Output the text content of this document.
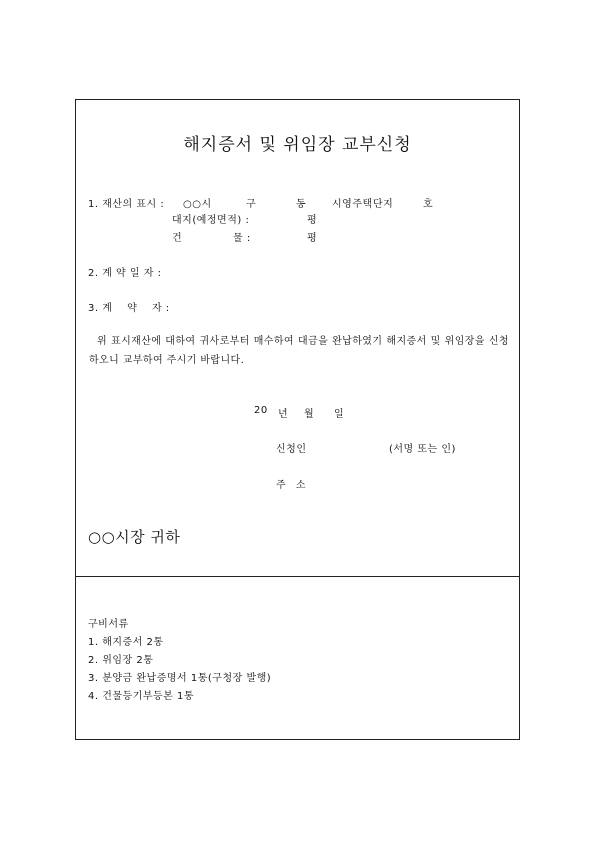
해지증서 및 위임장 교부신청
1. 재산의 표시 : ○○시	구	동	시영주택 단지	호
대지(예정면적) :	평
건	물 :	평
2. 계 약 일 자 :
3. 계    약    자 :
위 표시재산에 대하여 귀사로부터 매수하여 대금을 완납하였기 해지증서 및 위임장을 신청하오니 교부하여 주시기 바랍니다.
20 년 월 일
신청인	(서명 또는 인)
주 소
○○시장 귀하
구비서류
1. 해지증서 2통
2. 위임장 2통
3. 분양금 완납증명서 1통(구청장 발행)
4. 건물등기부등본 1통
